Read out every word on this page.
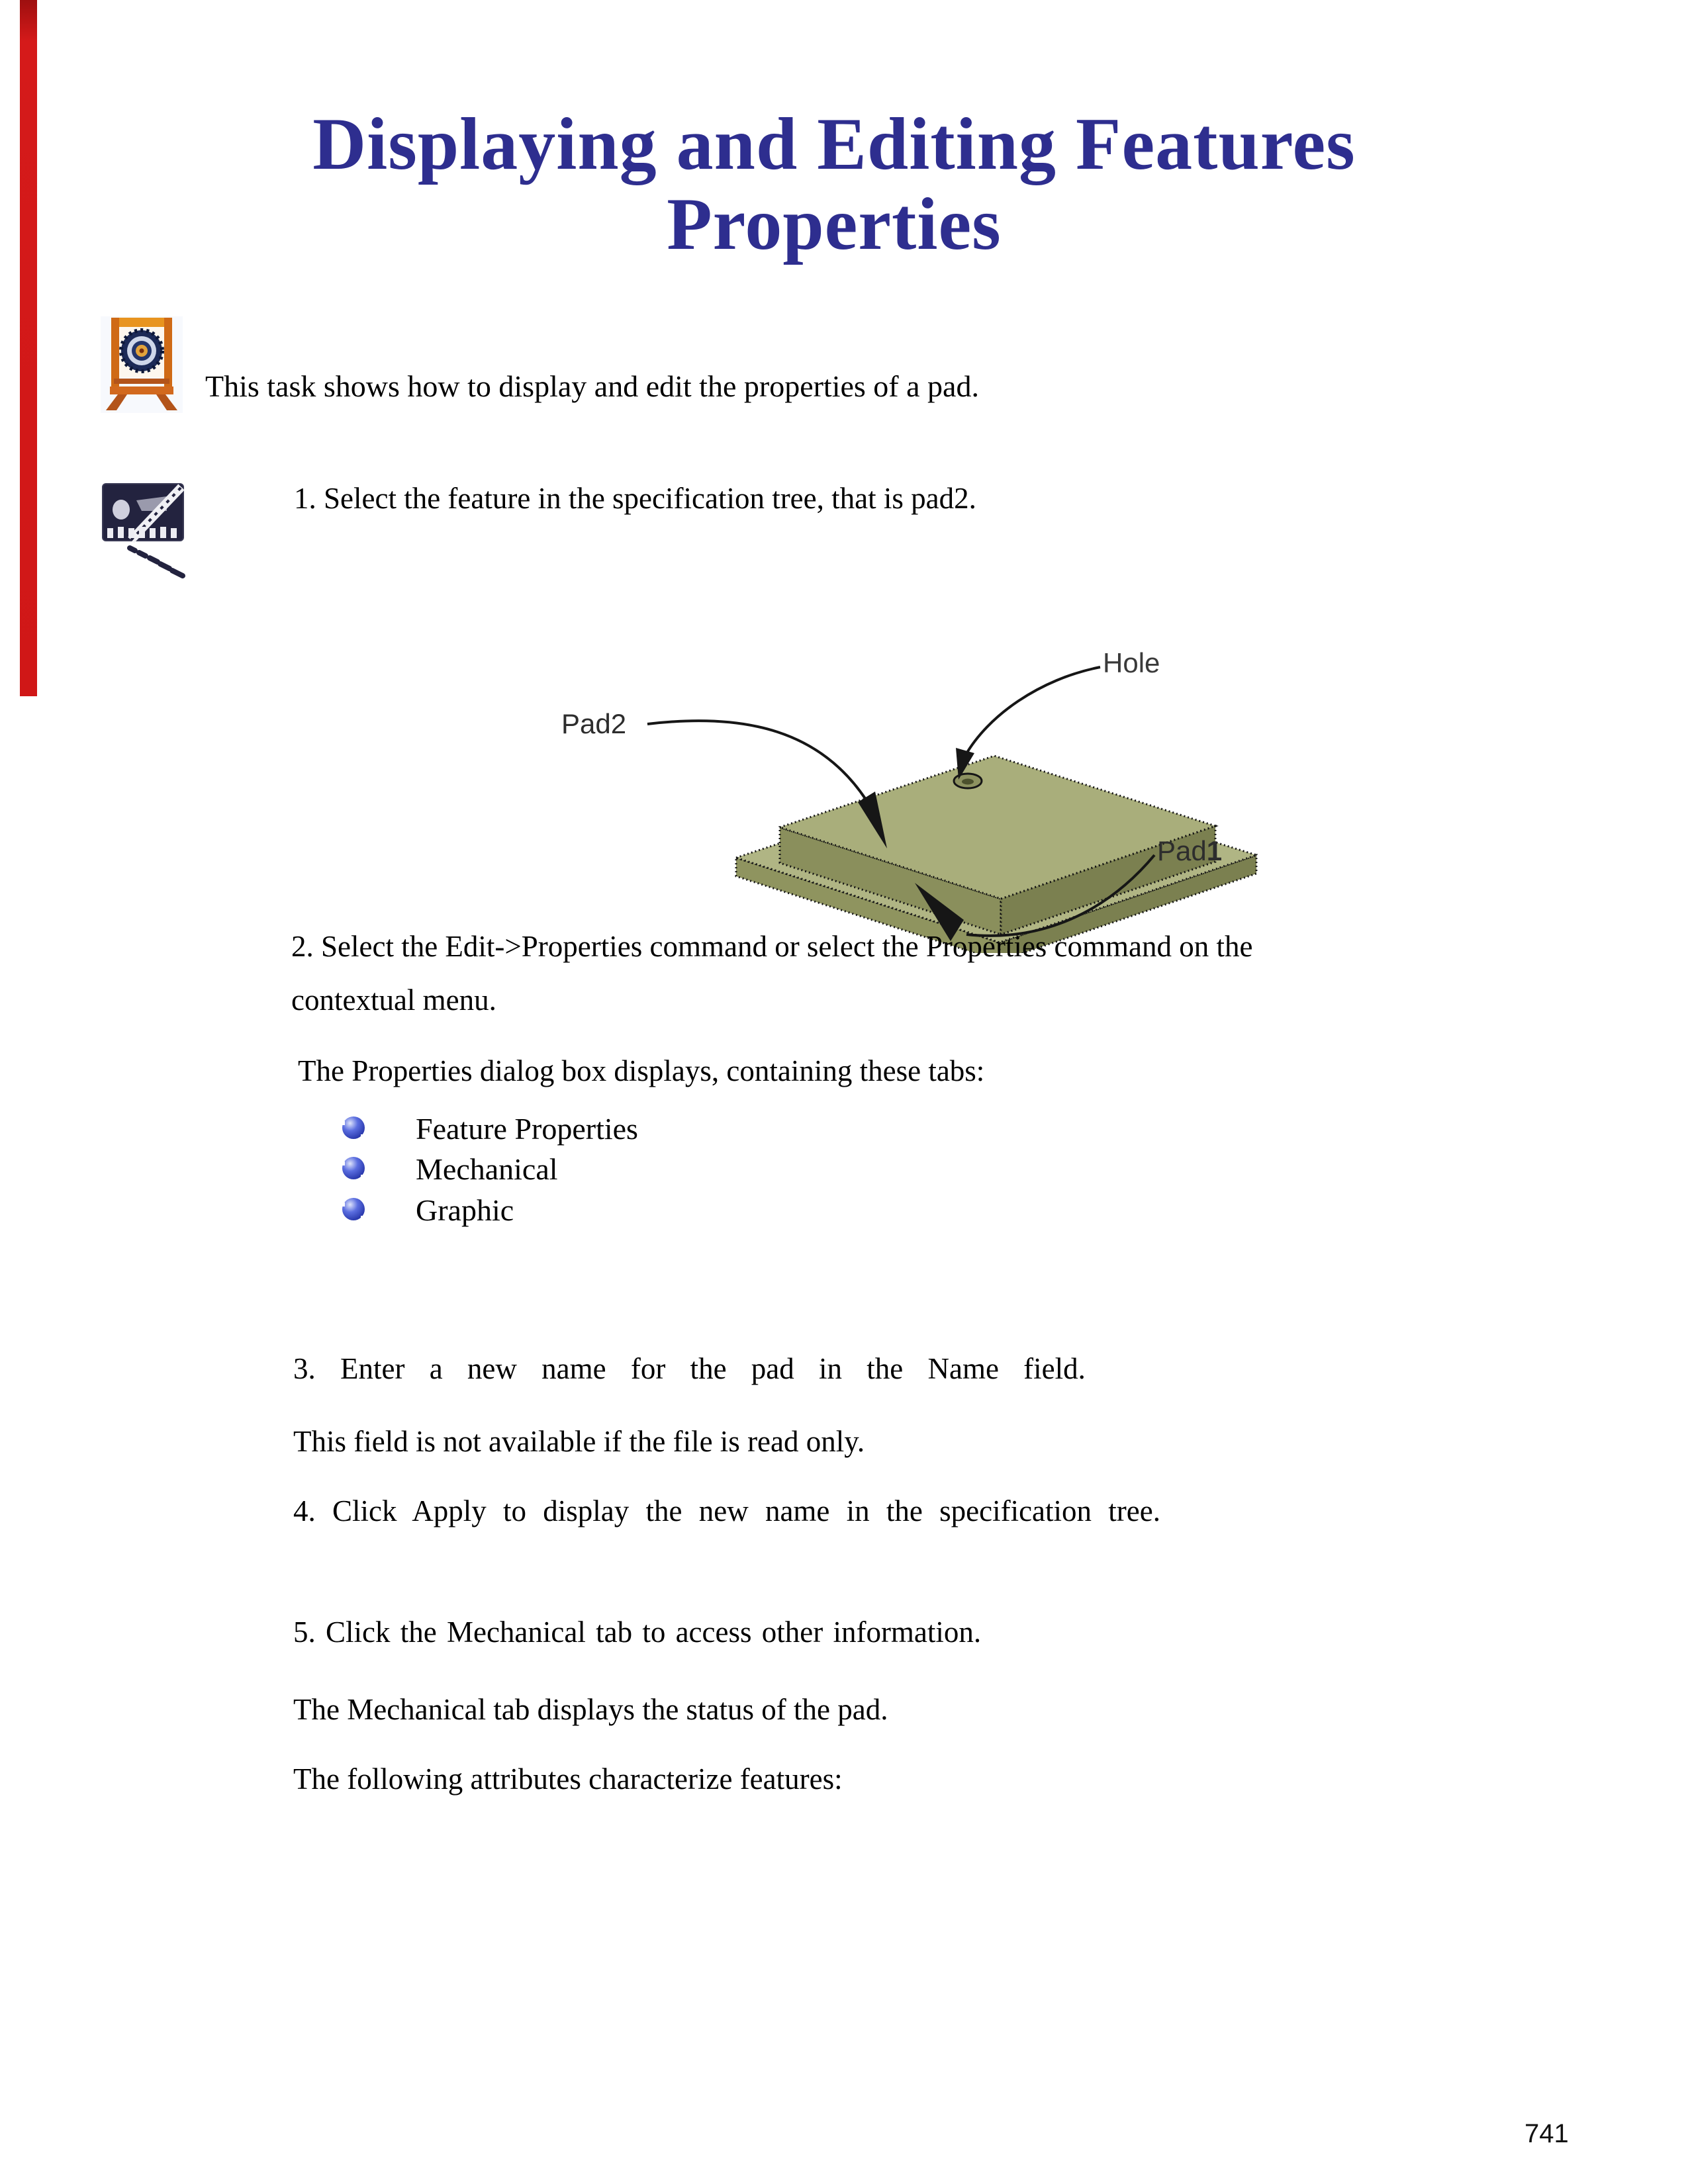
Displaying and Editing Features
Properties
This task shows how to display and edit the properties of a pad.
1. Select the feature in the specification tree, that is pad2.
Pad2
Hole
Pad1
2. Select the Edit->Properties command or select the Properties command on the
contextual menu.
The Properties dialog box displays, containing these tabs:
Feature Properties
Mechanical
Graphic
3. Enter a new name for the pad in the Name field.
This field is not available if the file is read only.
4. Click Apply to display the new name in the specification tree.
5. Click the Mechanical tab to access other information.
The Mechanical tab displays the status of the pad.
The following attributes characterize features:
741
